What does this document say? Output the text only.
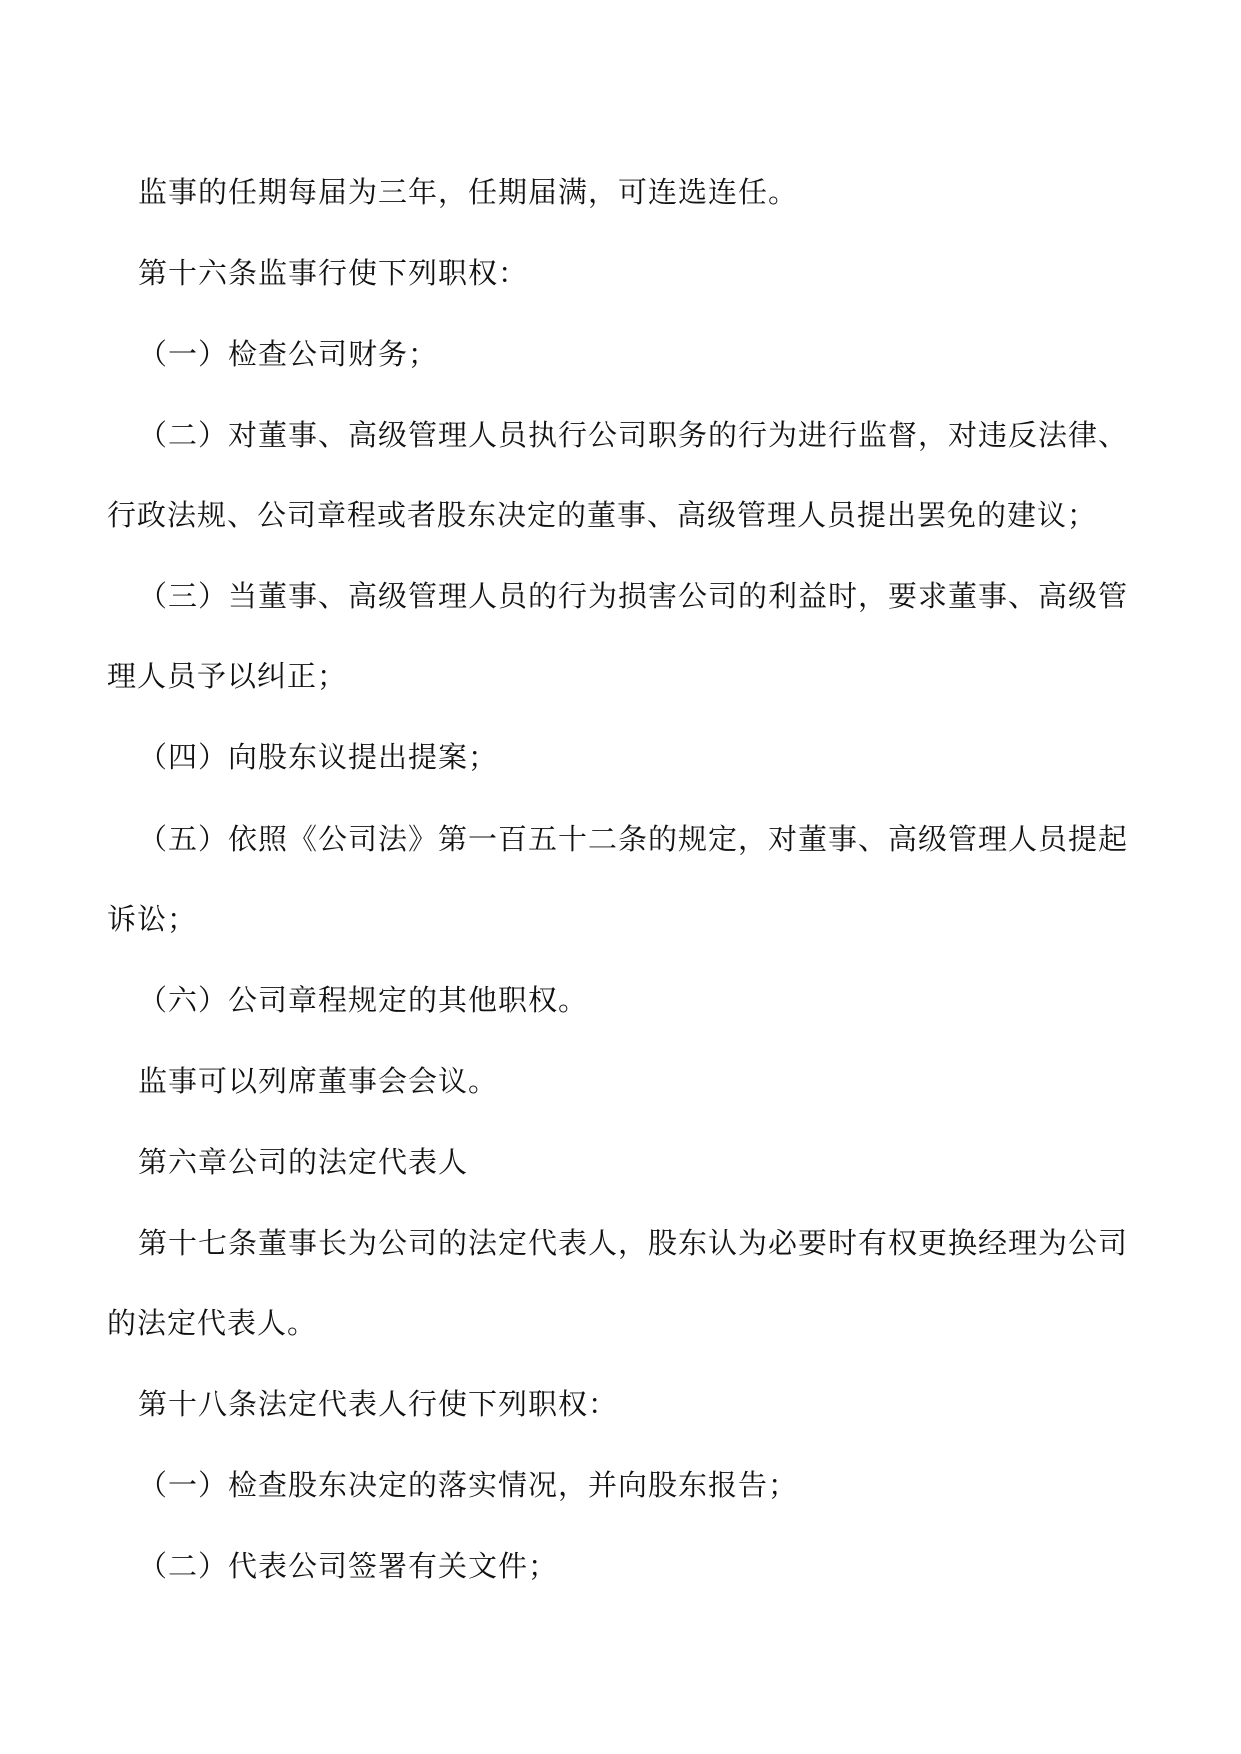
监事的任期每届为三年，任期届满，可连选连任。

第十六条监事行使下列职权：

（一）检查公司财务；

（二）对董事、高级管理人员执行公司职务的行为进行监督，对违反法律、行政法规、公司章程或者股东决定的董事、高级管理人员提出罢免的建议；

（三）当董事、高级管理人员的行为损害公司的利益时，要求董事、高级管理人员予以纠正；

（四）向股东议提出提案；

（五）依照《公司法》第一百五十二条的规定，对董事、高级管理人员提起诉讼；

（六）公司章程规定的其他职权。

监事可以列席董事会会议。

第六章公司的法定代表人

第十七条董事长为公司的法定代表人，股东认为必要时有权更换经理为公司的法定代表人。

第十八条法定代表人行使下列职权：

（一）检查股东决定的落实情况，并向股东报告；

（二）代表公司签署有关文件；
